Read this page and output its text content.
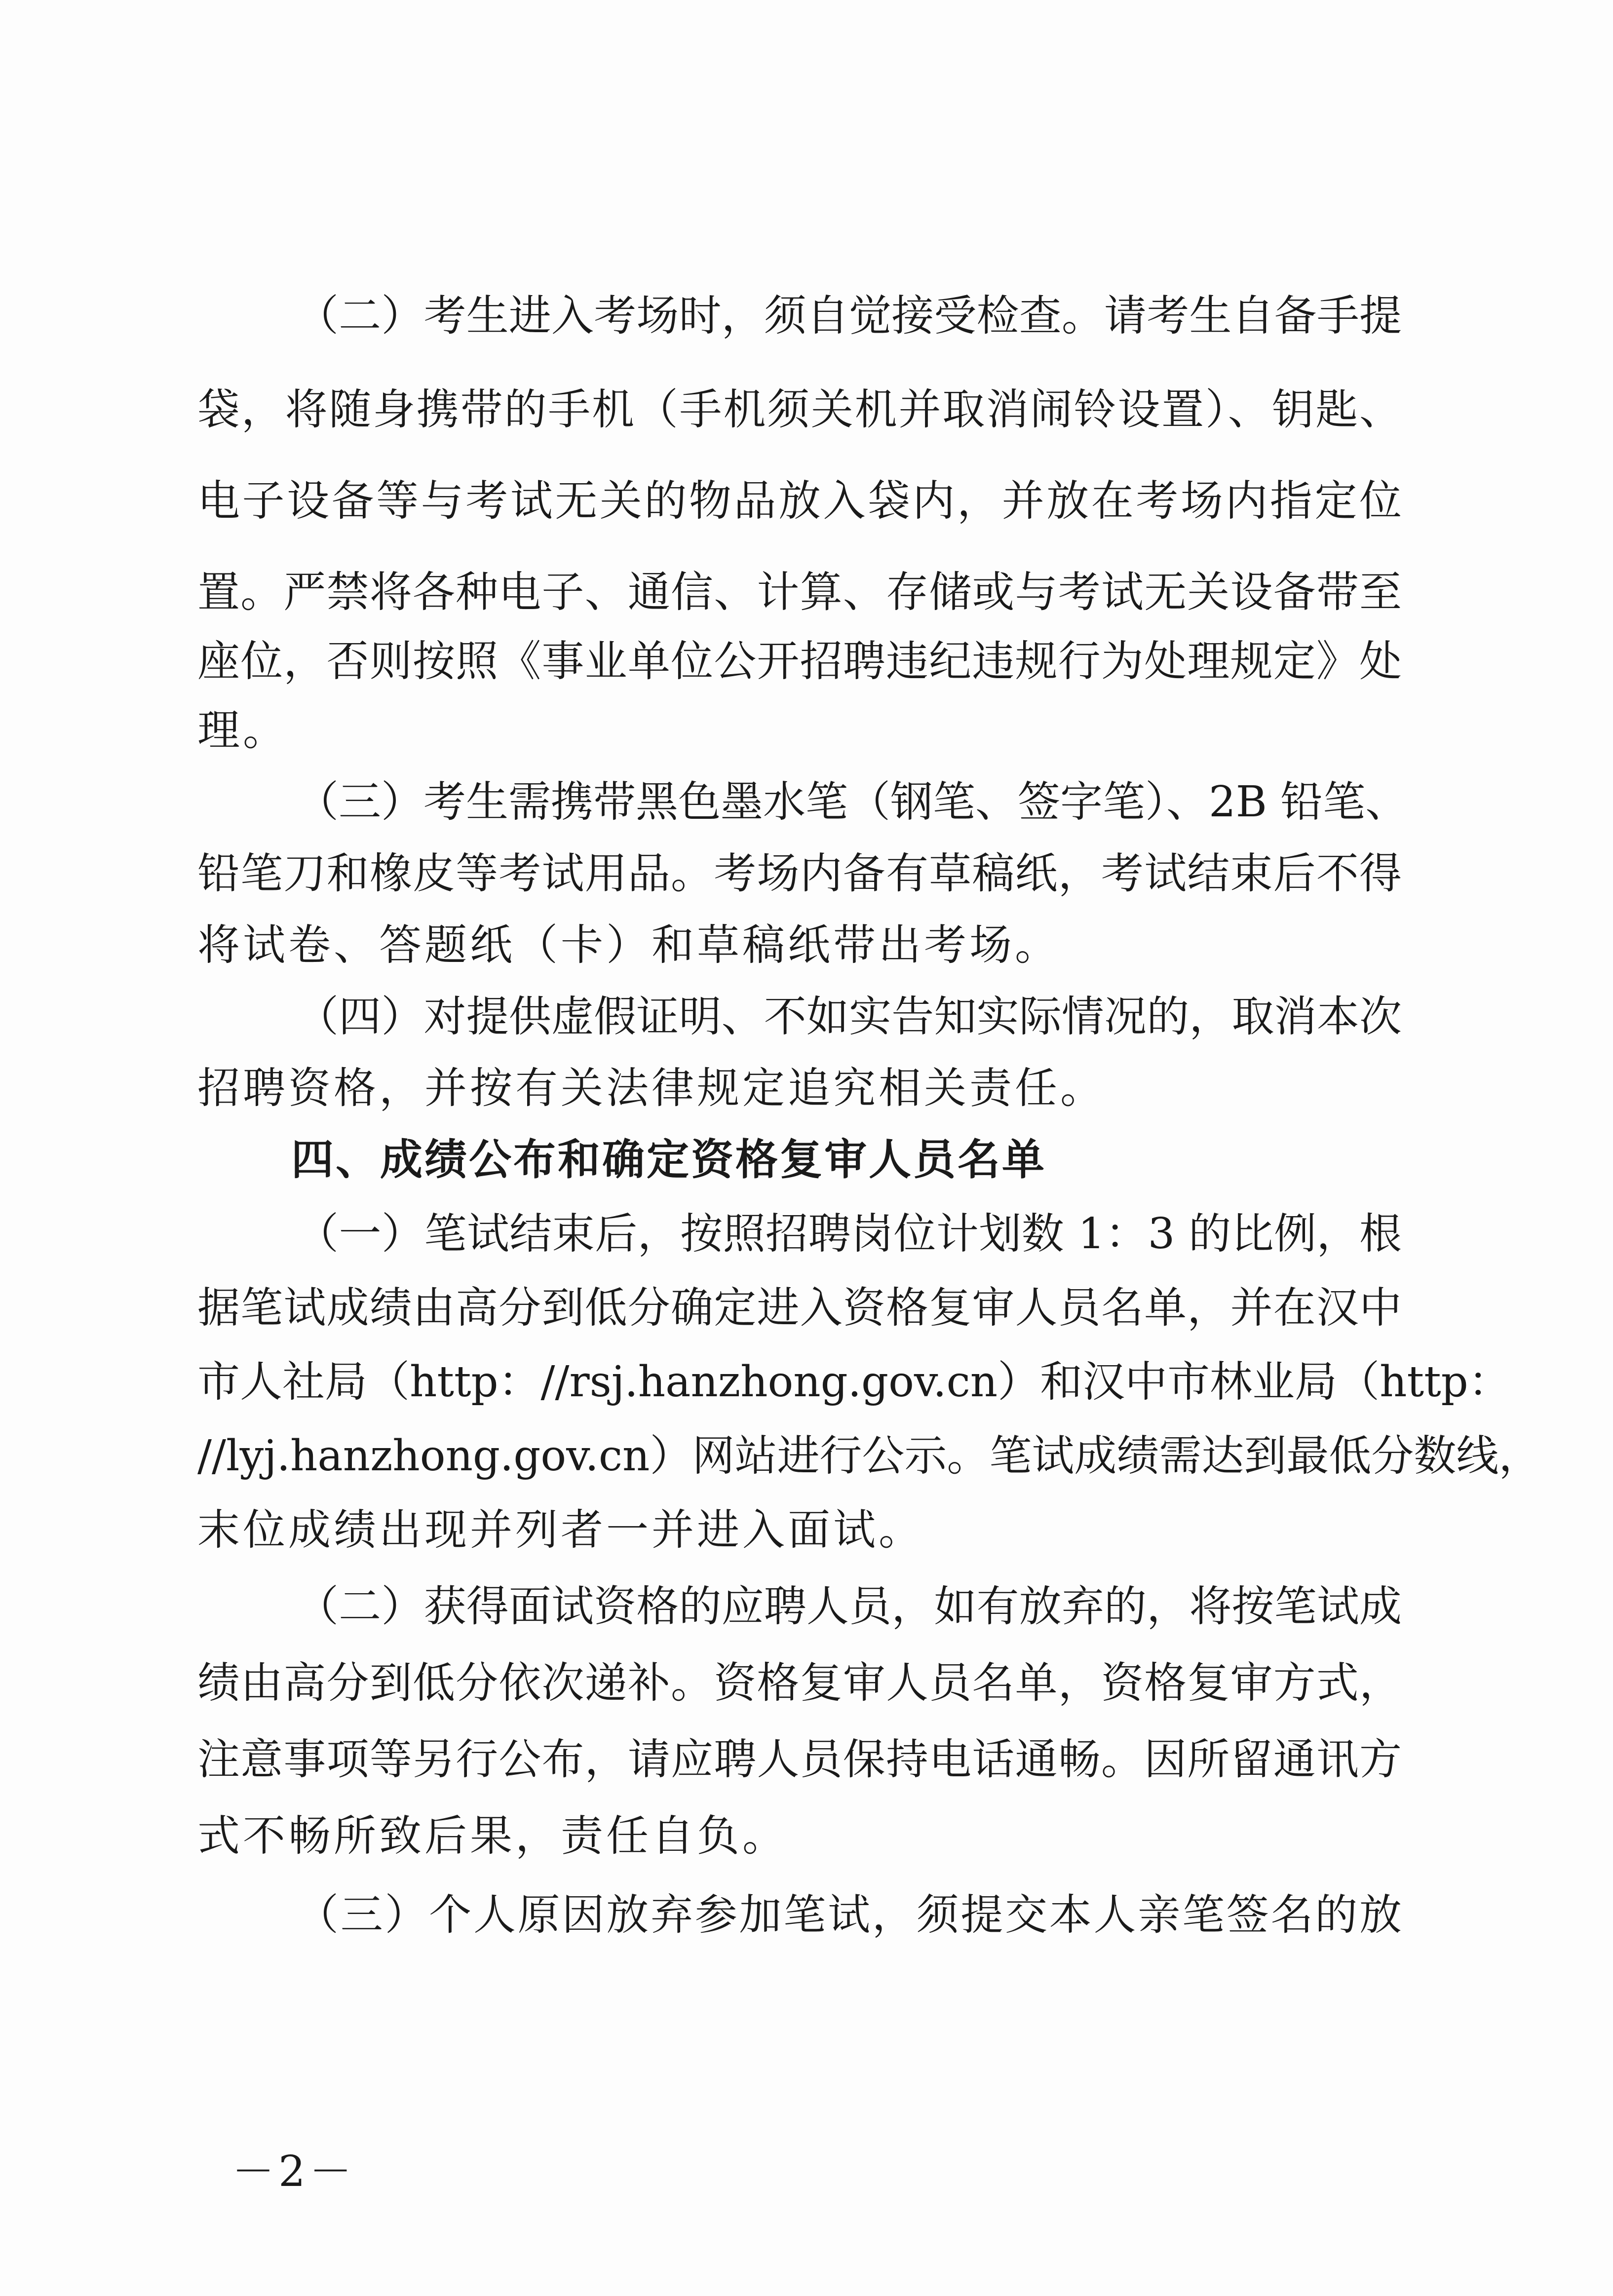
（二）考生进入考场时，须自觉接受检查。请考生自备手提
袋，将随身携带的手机（手机须关机并取消闹铃设置）、钥匙、
电子设备等与考试无关的物品放入袋内，并放在考场内指定位
置。严禁将各种电子、通信、计算、存储或与考试无关设备带至
座位，否则按照《事业单位公开招聘违纪违规行为处理规定》处
理。
（三）考生需携带黑色墨水笔（钢笔、签字笔）、2B 铅笔、
铅笔刀和橡皮等考试用品。考场内备有草稿纸，考试结束后不得
将试卷、答题纸（卡）和草稿纸带出考场。
（四）对提供虚假证明、不如实告知实际情况的，取消本次
招聘资格，并按有关法律规定追究相关责任。
四、成绩公布和确定资格复审人员名单
（一）笔试结束后，按照招聘岗位计划数 1：3 的比例，根
据笔试成绩由高分到低分确定进入资格复审人员名单，并在汉中
市人社局（http：//rsj.hanzhong.gov.cn）和汉中市林业局（http：
//lyj.hanzhong.gov.cn）网站进行公示。笔试成绩需达到最低分数线，
末位成绩出现并列者一并进入面试。
（二）获得面试资格的应聘人员，如有放弃的，将按笔试成
绩由高分到低分依次递补。资格复审人员名单，资格复审方式，
注意事项等另行公布，请应聘人员保持电话通畅。因所留通讯方
式不畅所致后果，责任自负。
（三）个人原因放弃参加笔试，须提交本人亲笔签名的放
－2－
